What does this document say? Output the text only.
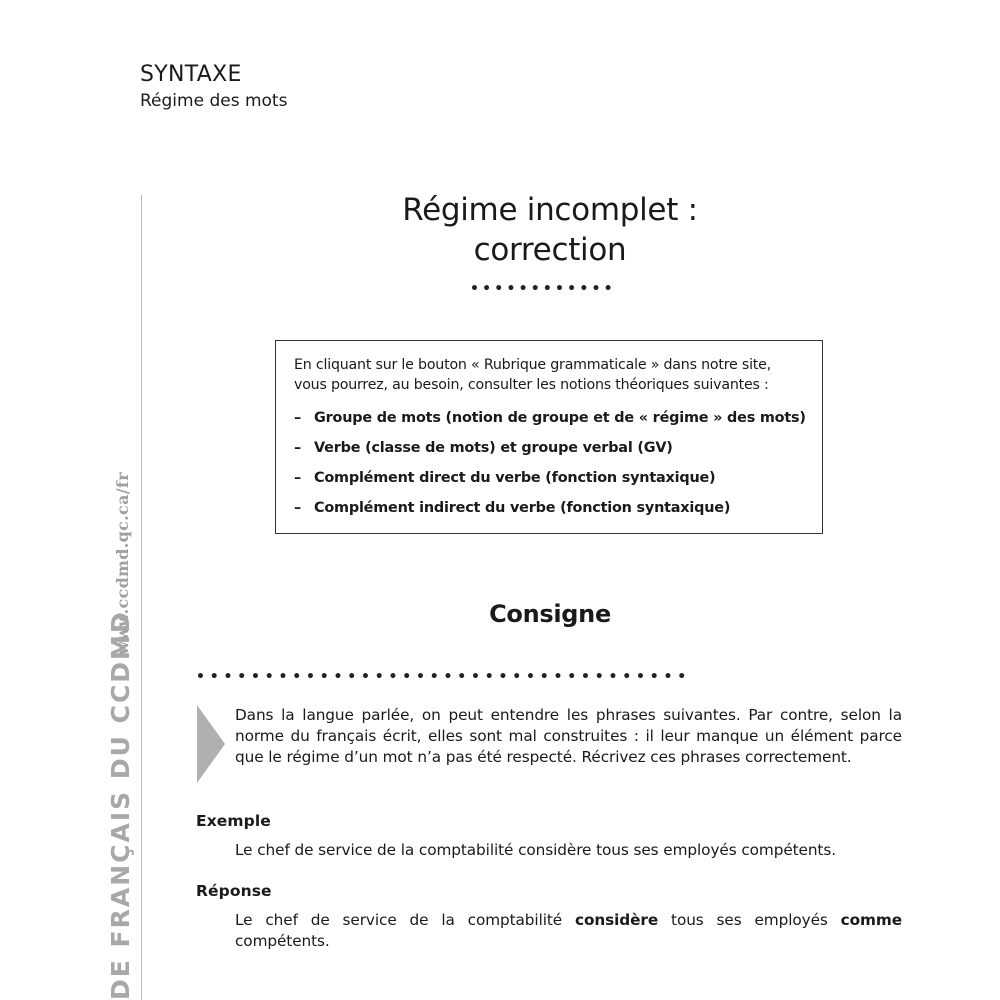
SYNTAXE
Régime des mots
www.ccdmd.qc.ca/fr
DE FRANÇAIS DU CCDMD
Régime incomplet :
correction
••••••••••••
En cliquant sur le bouton « Rubrique grammaticale » dans notre site, vous pourrez, au besoin, consulter les notions théoriques suivantes :
– Groupe de mots (notion de groupe et de « régime » des mots)
– Verbe (classe de mots) et groupe verbal (GV)
– Complément direct du verbe (fonction syntaxique)
– Complément indirect du verbe (fonction syntaxique)
Consigne
••••••••••••••••••••••••••••••••••••
Dans la langue parlée, on peut entendre les phrases suivantes. Par contre, selon la norme du français écrit, elles sont mal construites : il leur manque un élément parce que le régime d’un mot n’a pas été respecté. Récrivez ces phrases correctement.
Exemple
Le chef de service de la comptabilité considère tous ses employés compétents.
Réponse
Le chef de service de la comptabilité considère tous ses employés comme compétents.
